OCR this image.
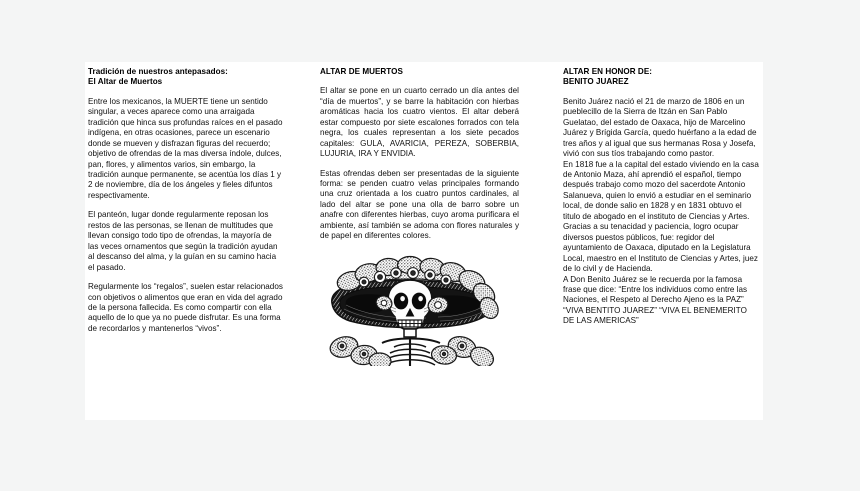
Tradición de nuestros antepasados:
El Altar de Muertos

Entre los mexicanos, la MUERTE tiene un sentido singular, a veces aparece como una arraigada tradición que hinca sus profundas raíces en el pasado indígena, en otras ocasiones, parece un escenario donde se mueven y disfrazan figuras del recuerdo; objetivo de ofrendas de la mas diversa índole, dulces, pan, flores, y alimentos varios, sin embargo, la tradición aunque permanente, se acentúa los días 1 y 2 de noviembre, día de los ángeles y fieles difuntos respectivamente.

El panteón, lugar donde regularmente reposan los restos de las personas, se llenan de multitudes que llevan consigo todo tipo de ofrendas, la mayoría de las veces ornamentos que según la tradición ayudan al descanso del alma, y la guían en su camino hacia el pasado.

Regularmente los “regalos”, suelen estar relacionados con objetivos o alimentos que eran en vida del agrado de la persona fallecida. Es como compartir con ella aquello de lo que ya no puede disfrutar. Es una forma de recordarlos y mantenerlos “vivos”.

ALTAR DE MUERTOS

El altar se pone en un cuarto cerrado un día antes del “día de muertos”, y se barre la habitación con hierbas aromáticas hacia los cuatro vientos. El altar deberá estar compuesto por siete escalones forrados con tela negra, los cuales representan a los siete pecados capitales: GULA, AVARICIA, PEREZA, SOBERBIA, LUJURIA, IRA Y ENVIDIA.

Estas ofrendas deben ser presentadas de la siguiente forma: se penden cuatro velas principales formando una cruz orientada a los cuatro puntos cardinales, al lado del altar se pone una olla de barro sobre un anafre con diferentes hierbas, cuyo aroma purificara el ambiente, así también se adoma con flores naturales y de papel en diferentes colores.

ALTAR EN HONOR DE:
BENITO JUAREZ

Benito Juárez nació el 21 de marzo de 1806 en un pueblecillo de la Sierra de Itzán en San Pablo Guelatao, del estado de Oaxaca, hijo de Marcelino Juárez y Brígida García, quedo huérfano a la edad de tres años y al igual que sus hermanas Rosa y Josefa, vivió con sus tíos trabajando como pastor.

En 1818 fue a la capital del estado viviendo en la casa de Antonio Maza, ahí aprendió el español, tiempo después trabajo como mozo del sacerdote Antonio Salanueva, quien lo envió a estudiar en el seminario local, de donde salio en 1828 y en 1831 obtuvo el titulo de abogado en el instituto de Ciencias y Artes.

Gracias a su tenacidad y paciencia, logro ocupar diversos puestos públicos, fue: regidor del ayuntamiento de Oaxaca, diputado en la Legislatura Local, maestro en el Instituto de Ciencias y Artes, juez de lo civil y de Hacienda.

A Don Benito Juárez se le recuerda por la famosa frase que dice: “Entre los individuos como entre las Naciones, el Respeto al Derecho Ajeno es la PAZ” “VIVA BENTITO JUAREZ” “VIVA EL BENEMERITO DE LAS AMERICAS”
